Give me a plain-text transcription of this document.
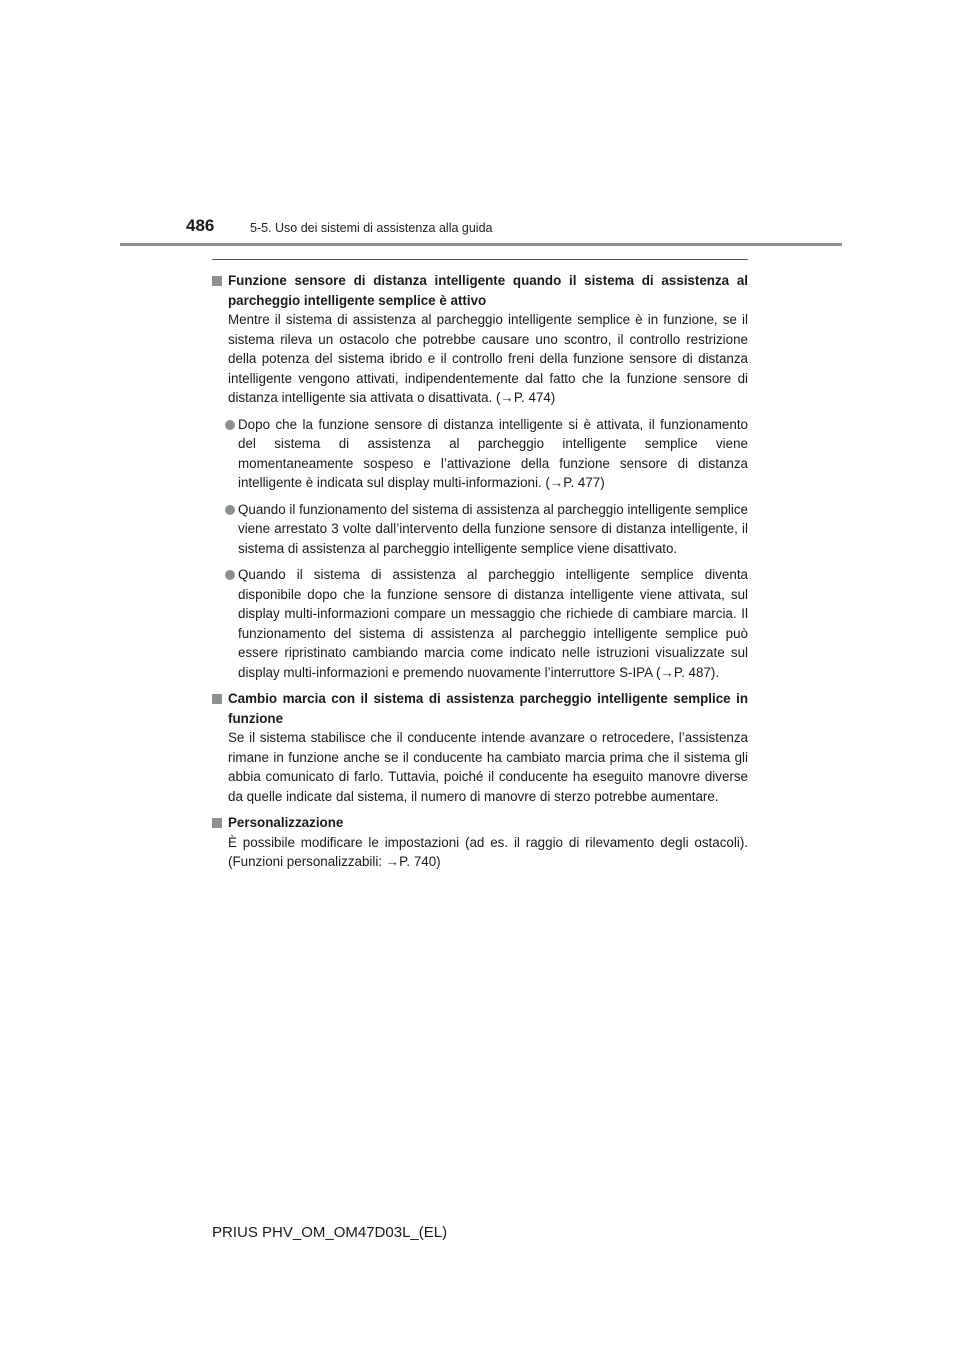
486	5-5. Uso dei sistemi di assistenza alla guida
Funzione sensore di distanza intelligente quando il sistema di assistenza al parcheggio intelligente semplice è attivo
Mentre il sistema di assistenza al parcheggio intelligente semplice è in funzione, se il sistema rileva un ostacolo che potrebbe causare uno scontro, il controllo restrizione della potenza del sistema ibrido e il controllo freni della funzione sensore di distanza intelligente vengono attivati, indipendentemente dal fatto che la funzione sensore di distanza intelligente sia attivata o disattivata. (→P. 474)
Dopo che la funzione sensore di distanza intelligente si è attivata, il funzionamento del sistema di assistenza al parcheggio intelligente semplice viene momentaneamente sospeso e l’attivazione della funzione sensore di distanza intelligente è indicata sul display multi-informazioni. (→P. 477)
Quando il funzionamento del sistema di assistenza al parcheggio intelligente semplice viene arrestato 3 volte dall’intervento della funzione sensore di distanza intelligente, il sistema di assistenza al parcheggio intelligente semplice viene disattivato.
Quando il sistema di assistenza al parcheggio intelligente semplice diventa disponibile dopo che la funzione sensore di distanza intelligente viene attivata, sul display multi-informazioni compare un messaggio che richiede di cambiare marcia. Il funzionamento del sistema di assistenza al parcheggio intelligente semplice può essere ripristinato cambiando marcia come indicato nelle istruzioni visualizzate sul display multi-informazioni e premendo nuovamente l’interruttore S-IPA (→P. 487).
Cambio marcia con il sistema di assistenza parcheggio intelligente semplice in funzione
Se il sistema stabilisce che il conducente intende avanzare o retrocedere, l’assistenza rimane in funzione anche se il conducente ha cambiato marcia prima che il sistema gli abbia comunicato di farlo. Tuttavia, poiché il conducente ha eseguito manovre diverse da quelle indicate dal sistema, il numero di manovre di sterzo potrebbe aumentare.
Personalizzazione
È possibile modificare le impostazioni (ad es. il raggio di rilevamento degli ostacoli). (Funzioni personalizzabili: →P. 740)
PRIUS PHV_OM_OM47D03L_(EL)
